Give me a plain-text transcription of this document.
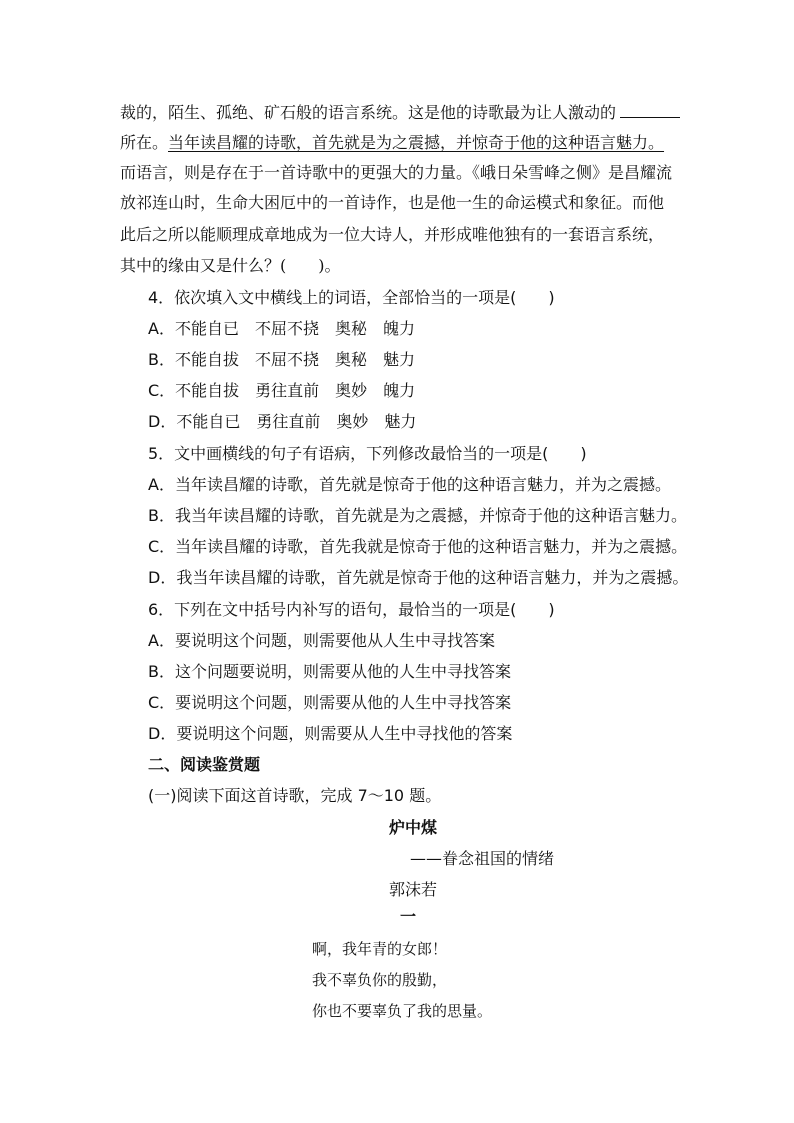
裁的，陌生、孤绝、矿石般的语言系统。这是他的诗歌最为让人激动的
所在。当年读昌耀的诗歌，首先就是为之震撼，并惊奇于他的这种语言魅力。
而语言，则是存在于一首诗歌中的更强大的力量。《峨日朵雪峰之侧》是昌耀流
放祁连山时，生命大困厄中的一首诗作，也是他一生的命运模式和象征。而他
此后之所以能顺理成章地成为一位大诗人，并形成唯他独有的一套语言系统，
其中的缘由又是什么？(　　)。
4．依次填入文中横线上的词语，全部恰当的一项是(　　)
A．不能自已　不屈不挠　奥秘　魄力
B．不能自拔　不屈不挠　奥秘　魅力
C．不能自拔　勇往直前　奥妙　魄力
D．不能自已　勇往直前　奥妙　魅力
5．文中画横线的句子有语病，下列修改最恰当的一项是(　　)
A．当年读昌耀的诗歌，首先就是惊奇于他的这种语言魅力，并为之震撼。
B．我当年读昌耀的诗歌，首先就是为之震撼，并惊奇于他的这种语言魅力。
C．当年读昌耀的诗歌，首先我就是惊奇于他的这种语言魅力，并为之震撼。
D．我当年读昌耀的诗歌，首先就是惊奇于他的这种语言魅力，并为之震撼。
6．下列在文中括号内补写的语句，最恰当的一项是(　　)
A．要说明这个问题，则需要他从人生中寻找答案
B．这个问题要说明，则需要从他的人生中寻找答案
C．要说明这个问题，则需要从他的人生中寻找答案
D．要说明这个问题，则需要从人生中寻找他的答案
二、阅读鉴赏题
(一)阅读下面这首诗歌，完成 7～10 题。
炉中煤
——眷念祖国的情绪
郭沫若
一
啊，我年青的女郎！
我不辜负你的殷勤，
你也不要辜负了我的思量。
